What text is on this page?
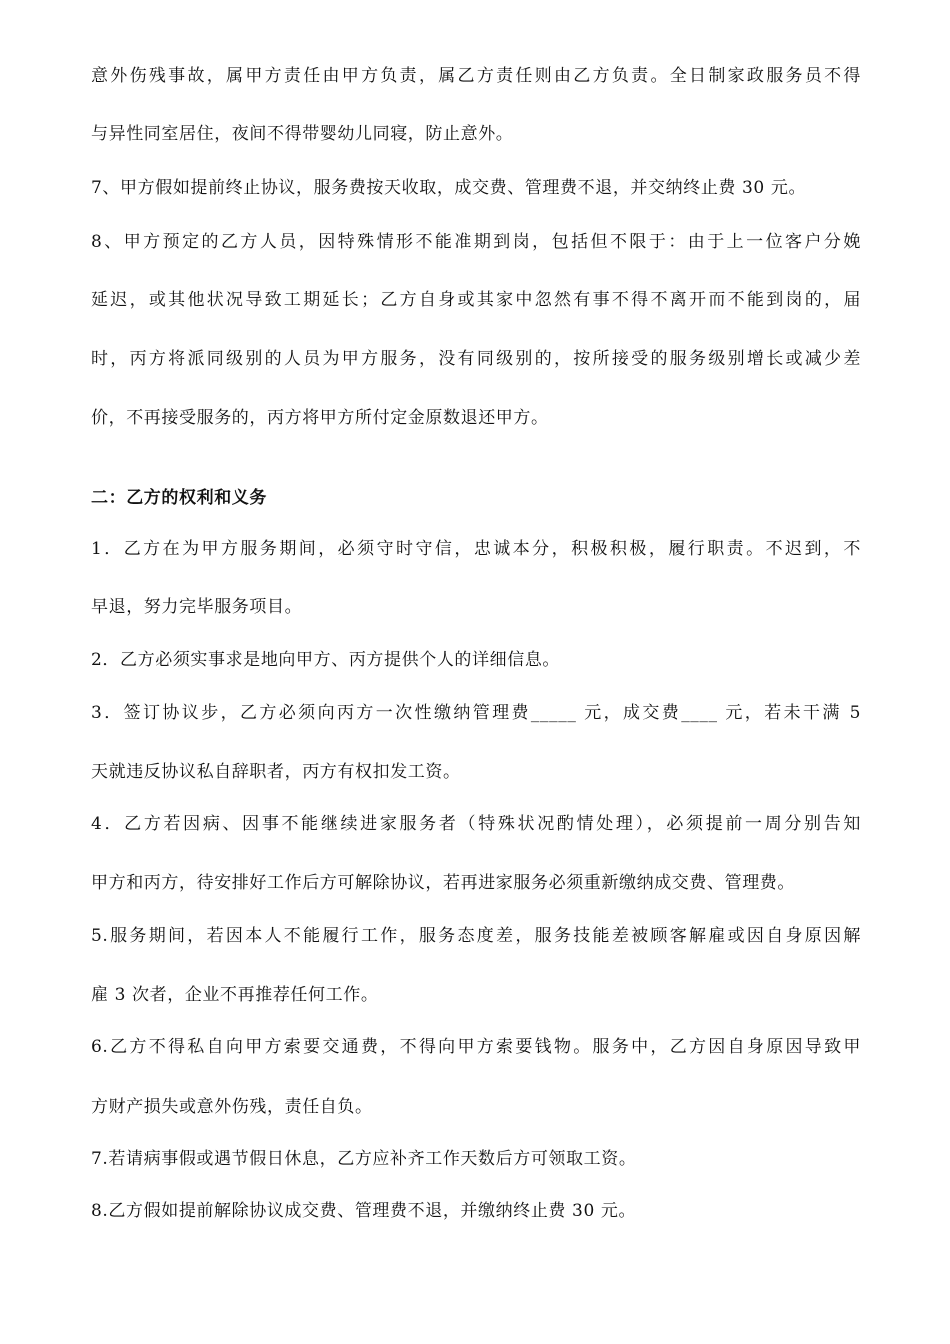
意外伤残事故，属甲方责任由甲方负责，属乙方责任则由乙方负责。全日制家政服务员不得
与异性同室居住，夜间不得带婴幼儿同寝，防止意外。
7、甲方假如提前终止协议，服务费按天收取，成交费、管理费不退，并交纳终止费 30 元。
8、甲方预定的乙方人员，因特殊情形不能准期到岗，包括但不限于：由于上一位客户分娩
延迟，或其他状况导致工期延长；乙方自身或其家中忽然有事不得不离开而不能到岗的，届
时，丙方将派同级别的人员为甲方服务，没有同级别的，按所接受的服务级别增长或减少差
价，不再接受服务的，丙方将甲方所付定金原数退还甲方。
二：乙方的权利和义务
1．乙方在为甲方服务期间，必须守时守信，忠诚本分，积极积极，履行职责。不迟到，不
早退，努力完毕服务项目。
2．乙方必须实事求是地向甲方、丙方提供个人的详细信息。
3．签订协议步，乙方必须向丙方一次性缴纳管理费_____ 元，成交费____ 元，若未干满 5
天就违反协议私自辞职者，丙方有权扣发工资。
4．乙方若因病、因事不能继续进家服务者（特殊状况酌情处理），必须提前一周分别告知
甲方和丙方，待安排好工作后方可解除协议，若再进家服务必须重新缴纳成交费、管理费。
5.服务期间，若因本人不能履行工作，服务态度差，服务技能差被顾客解雇或因自身原因解
雇 3 次者，企业不再推荐任何工作。
6.乙方不得私自向甲方索要交通费，不得向甲方索要钱物。服务中，乙方因自身原因导致甲
方财产损失或意外伤残，责任自负。
7.若请病事假或遇节假日休息，乙方应补齐工作天数后方可领取工资。
8.乙方假如提前解除协议成交费、管理费不退，并缴纳终止费 30 元。
